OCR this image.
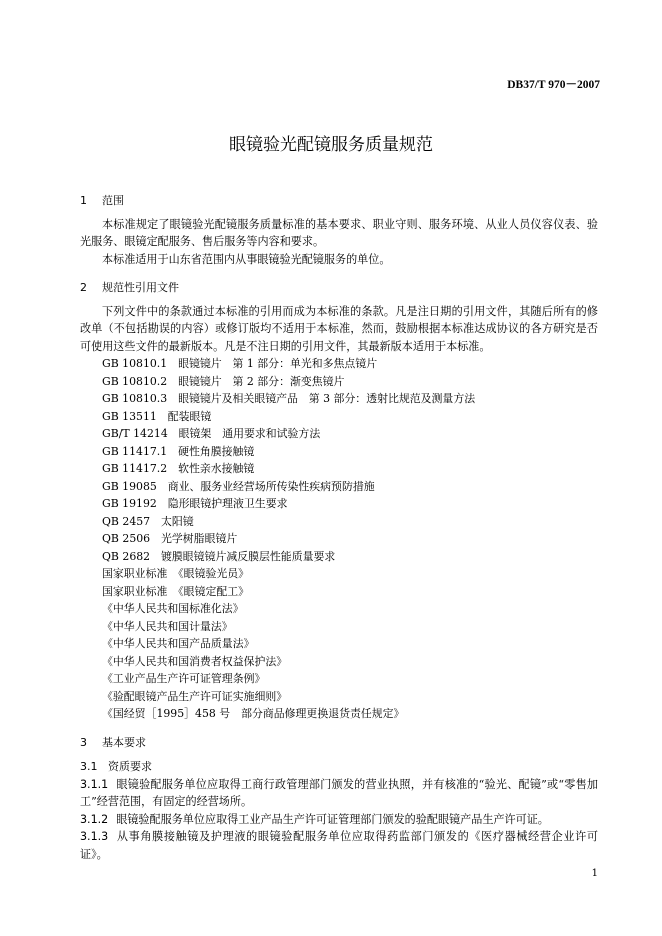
DB37/T 970－2007
眼镜验光配镜服务质量规范

1 范围

本标准规定了眼镜验光配镜服务质量标准的基本要求、职业守则、服务环境、从业人员仪容仪表、验光服务、眼镜定配服务、售后服务等内容和要求。

本标准适用于山东省范围内从事眼镜验光配镜服务的单位。

2 规范性引用文件

下列文件中的条款通过本标准的引用而成为本标准的条款。凡是注日期的引用文件，其随后所有的修改单（不包括勘误的内容）或修订版均不适用于本标准，然而，鼓励根据本标准达成协议的各方研究是否可使用这些文件的最新版本。凡是不注日期的引用文件，其最新版本适用于本标准。

GB 10810.1　眼镜镜片　第 1 部分：单光和多焦点镜片
GB 10810.2　眼镜镜片　第 2 部分：渐变焦镜片
GB 10810.3　眼镜镜片及相关眼镜产品　第 3 部分：透射比规范及测量方法
GB 13511　配装眼镜
GB/T 14214　眼镜架　通用要求和试验方法
GB 11417.1　硬性角膜接触镜
GB 11417.2　软性亲水接触镜
GB 19085　商业、服务业经营场所传染性疾病预防措施
GB 19192　隐形眼镜护理液卫生要求
QB 2457　太阳镜
QB 2506　光学树脂眼镜片
QB 2682　镀膜眼镜镜片减反膜层性能质量要求
国家职业标准　《眼镜验光员》
国家职业标准　《眼镜定配工》
《中华人民共和国标准化法》
《中华人民共和国计量法》
《中华人民共和国产品质量法》
《中华人民共和国消费者权益保护法》
《工业产品生产许可证管理条例》
《验配眼镜产品生产许可证实施细则》
《国经贸［1995］458 号　部分商品修理更换退货责任规定》

3 基本要求

3.1 资质要求

3.1.1 眼镜验配服务单位应取得工商行政管理部门颁发的营业执照，并有核准的“验光、配镜”或“零售加工”经营范围，有固定的经营场所。

3.1.2 眼镜验配服务单位应取得工业产品生产许可证管理部门颁发的验配眼镜产品生产许可证。

3.1.3 从事角膜接触镜及护理液的眼镜验配服务单位应取得药监部门颁发的《医疗器械经营企业许可证》。

1
